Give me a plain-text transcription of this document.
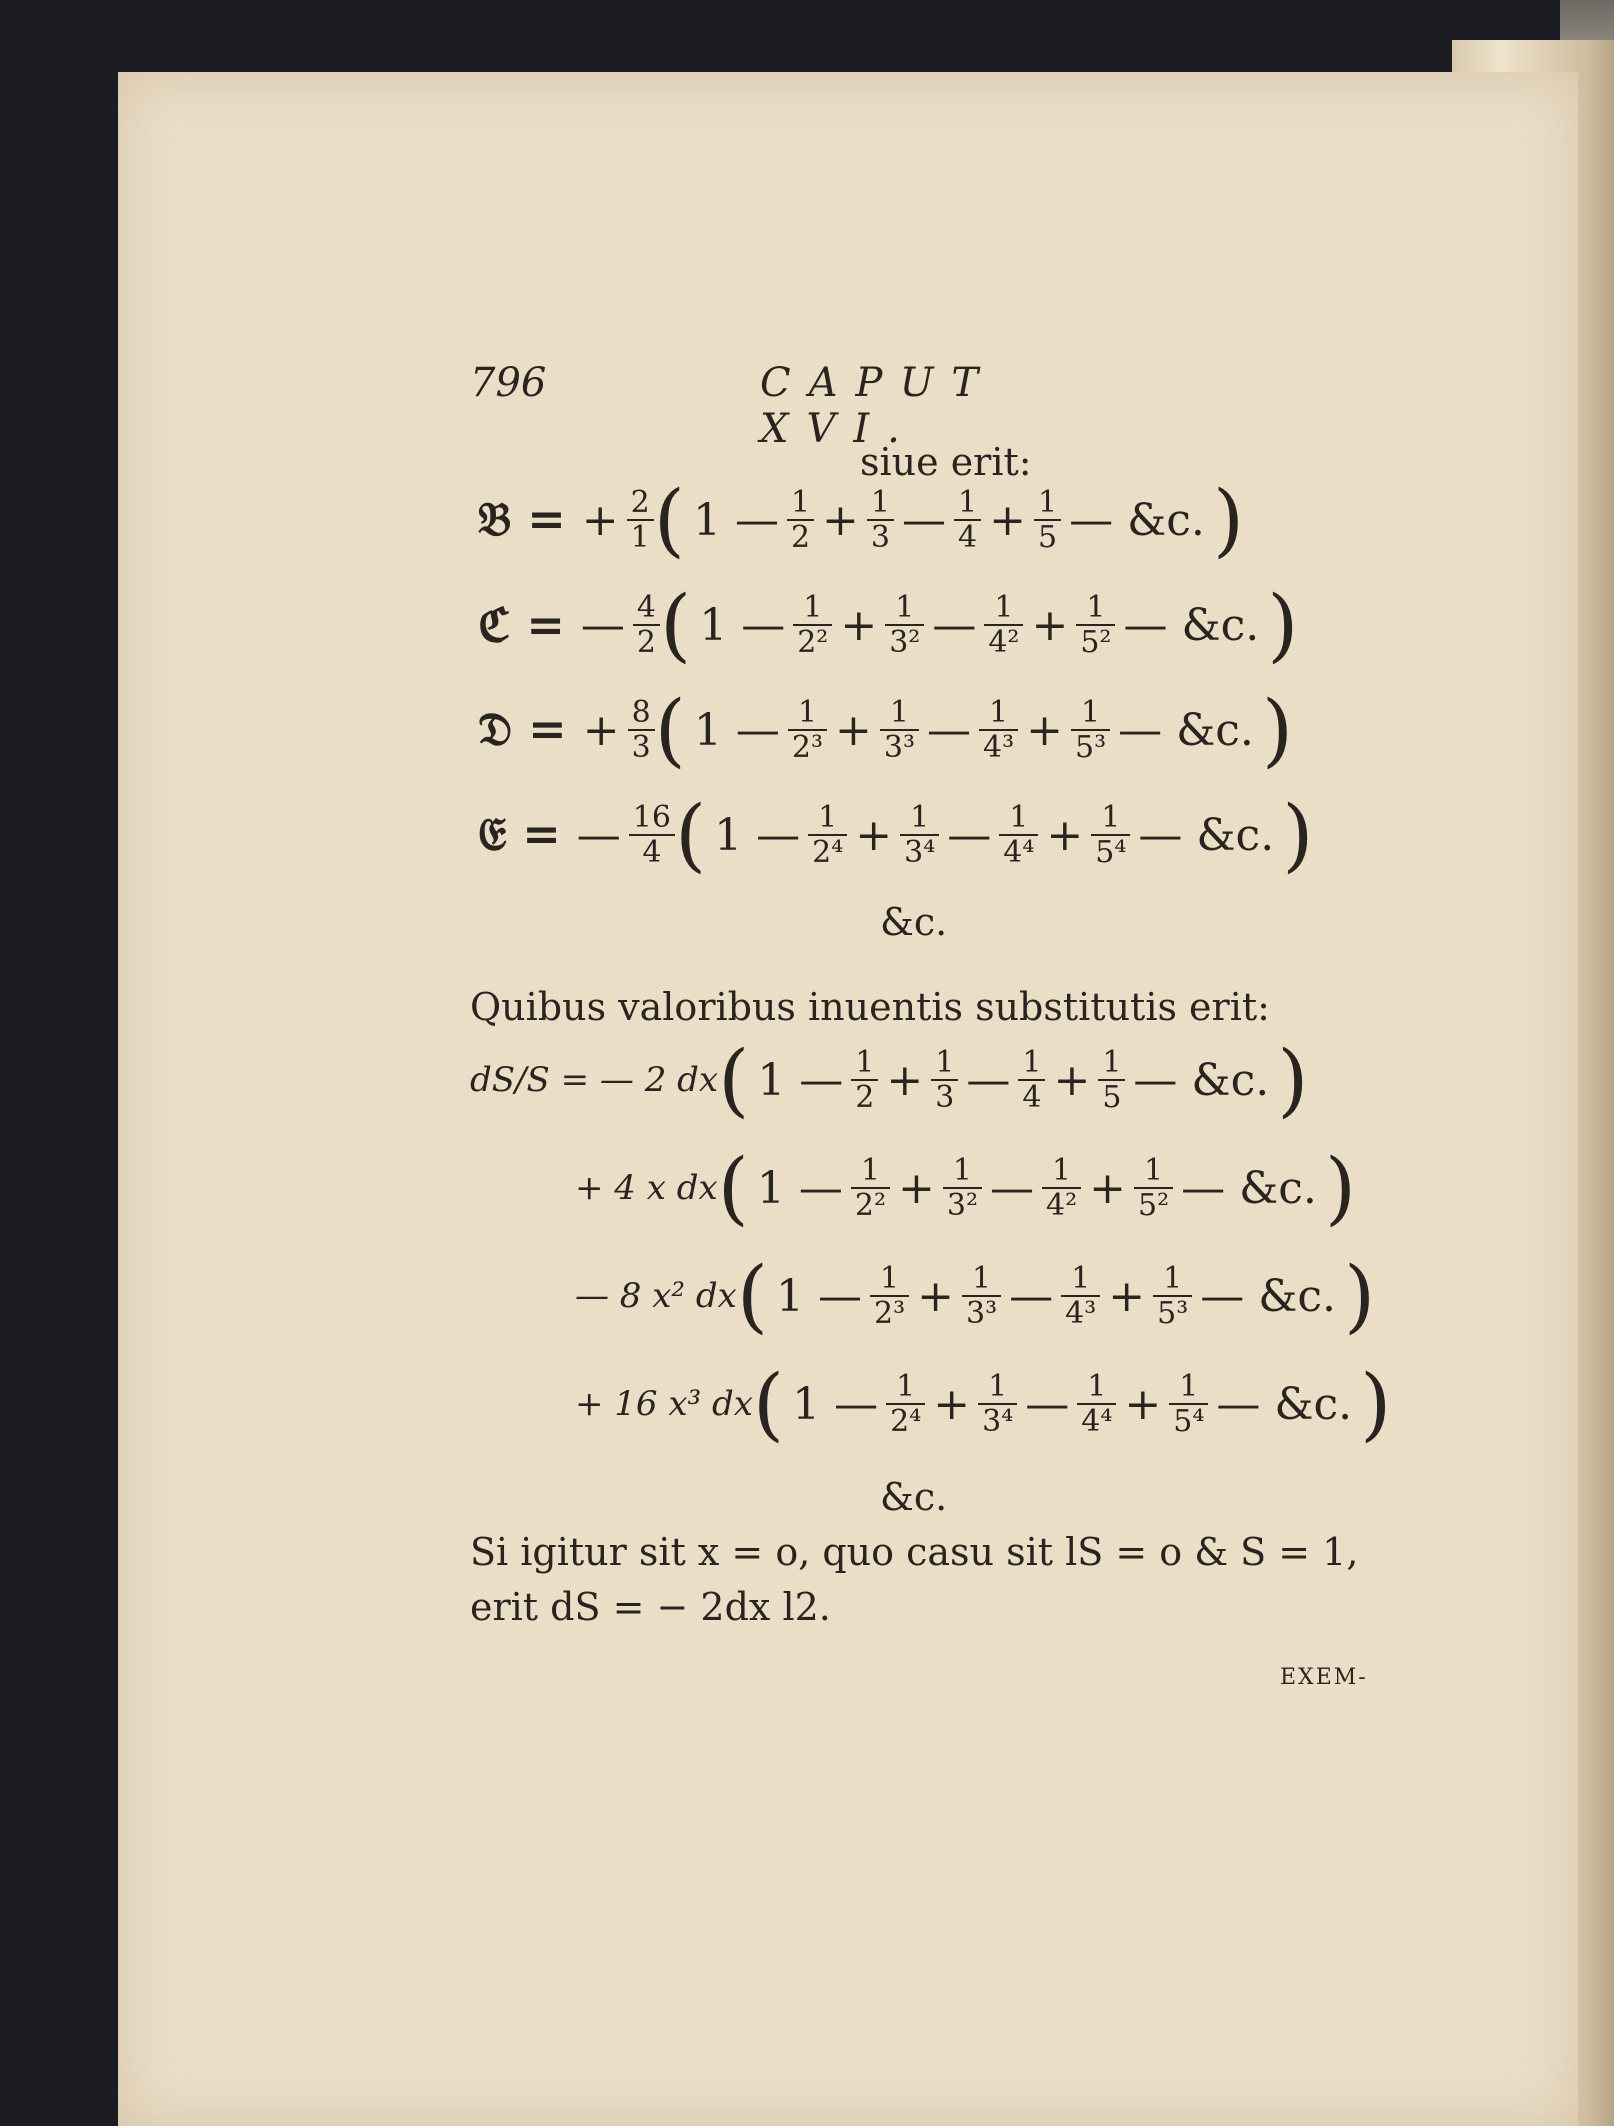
796	CAPUT XVI.
siue erit:
𝔅 = + $\frac{2}{1}$ ( 1 — $\frac{1}{2} + \frac{1}{3}$ — $\frac{1}{4} + \frac{1}{5}$ — &c. )
ℭ = — $\frac{4}{2}$ ( 1 — $\frac{1}{\text{2²}} + \frac{1}{\text{3²}}$ — $\frac{1}{\text{4²}} + \frac{1}{\text{5²}}$ — &c. )
𝔇 = + $\frac{8}{3}$ ( 1 — $\frac{1}{\text{2³}} + \frac{1}{\text{3³}}$ — $\frac{1}{\text{4³}} + \frac{1}{\text{5³}}$ — &c. )
𝔈 = — $\frac{16}{4}$ ( 1 — $\frac{1}{\text{2⁴}} + \frac{1}{\text{3⁴}}$ — $\frac{1}{\text{4⁴}} + \frac{1}{\text{5⁴}}$ — &c. )
&c.
Quibus valoribus inuentis substitutis erit:
dS/S = — 2 dx( 1 — $\frac{1}{2} + \frac{1}{3}$ — $\frac{1}{4} + \frac{1}{5}$ — &c. )
+ 4 x dx( 1 — $\frac{1}{\text{2²}} + \frac{1}{\text{3²}}$ — $\frac{1}{\text{4²}} + \frac{1}{\text{5²}}$ — &c. )
— 8 x² dx( 1 — $\frac{1}{\text{2³}} + \frac{1}{\text{3³}}$ — $\frac{1}{\text{4³}} + \frac{1}{\text{5³}}$ — &c. )
+ 16 x³ dx( 1 — $\frac{1}{\text{2⁴}} + \frac{1}{\text{3⁴}}$ — $\frac{1}{\text{4⁴}} + \frac{1}{\text{5⁴}}$ — &c. )
&c.
Si igitur sit x = o, quo casu sit lS = o & S = 1,
erit dS = − 2dx l2.
EXEM-
